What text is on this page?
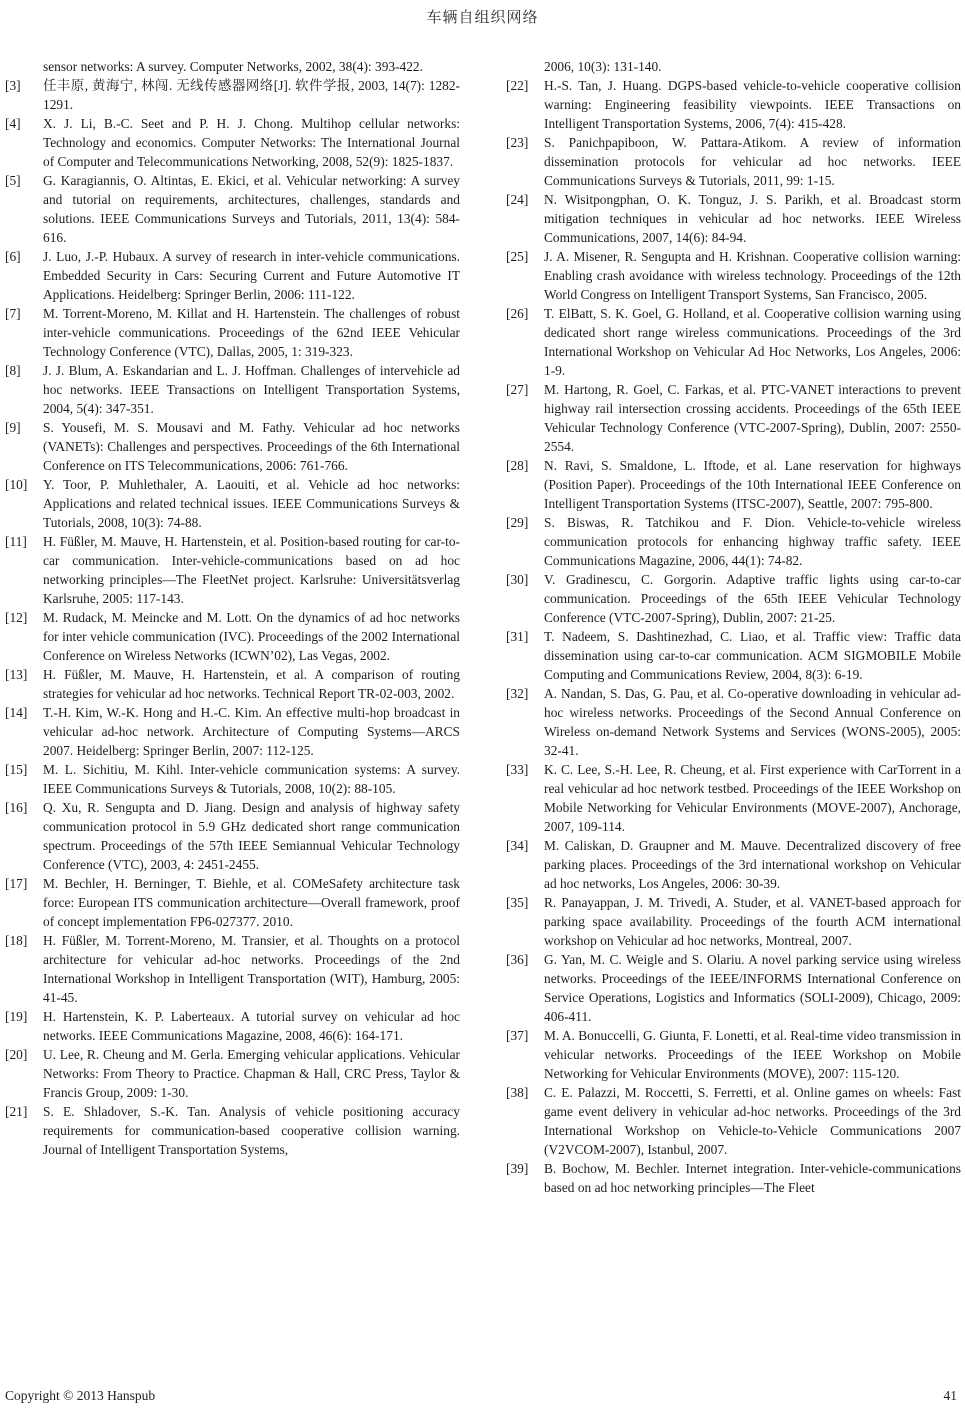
车辆自组织网络
sensor networks: A survey. Computer Networks, 2002, 38(4): 393-422.
[3]	任丰原, 黄海宁, 林闯. 无线传感器网络[J]. 软件学报, 2003, 14(7): 1282-1291.
[4]	X. J. Li, B.-C. Seet and P. H. J. Chong. Multihop cellular networks: Technology and economics. Computer Networks: The International Journal of Computer and Telecommunications Networking, 2008, 52(9): 1825-1837.
[5]	G. Karagiannis, O. Altintas, E. Ekici, et al. Vehicular networking: A survey and tutorial on requirements, architectures, challenges, standards and solutions. IEEE Communications Surveys and Tutorials, 2011, 13(4): 584-616.
[6]	J. Luo, J.-P. Hubaux. A survey of research in inter-vehicle communications. Embedded Security in Cars: Securing Current and Future Automotive IT Applications. Heidelberg: Springer Berlin, 2006: 111-122.
[7]	M. Torrent-Moreno, M. Killat and H. Hartenstein. The challenges of robust inter-vehicle communications. Proceedings of the 62nd IEEE Vehicular Technology Conference (VTC), Dallas, 2005, 1: 319-323.
[8]	J. J. Blum, A. Eskandarian and L. J. Hoffman. Challenges of intervehicle ad hoc networks. IEEE Transactions on Intelligent Transportation Systems, 2004, 5(4): 347-351.
[9]	S. Yousefi, M. S. Mousavi and M. Fathy. Vehicular ad hoc networks (VANETs): Challenges and perspectives. Proceedings of the 6th International Conference on ITS Telecommunications, 2006: 761-766.
[10]	Y. Toor, P. Muhlethaler, A. Laouiti, et al. Vehicle ad hoc networks: Applications and related technical issues. IEEE Communications Surveys & Tutorials, 2008, 10(3): 74-88.
[11]	H. Füßler, M. Mauve, H. Hartenstein, et al. Position-based routing for car-to-car communication. Inter-vehicle-communications based on ad hoc networking principles—The FleetNet project. Karlsruhe: Universitätsverlag Karlsruhe, 2005: 117-143.
[12]	M. Rudack, M. Meincke and M. Lott. On the dynamics of ad hoc networks for inter vehicle communication (IVC). Proceedings of the 2002 International Conference on Wireless Networks (ICWN’02), Las Vegas, 2002.
[13]	H. Füßler, M. Mauve, H. Hartenstein, et al. A comparison of routing strategies for vehicular ad hoc networks. Technical Report TR-02-003, 2002.
[14]	T.-H. Kim, W.-K. Hong and H.-C. Kim. An effective multi-hop broadcast in vehicular ad-hoc network. Architecture of Computing Systems—ARCS 2007. Heidelberg: Springer Berlin, 2007: 112-125.
[15]	M. L. Sichitiu, M. Kihl. Inter-vehicle communication systems: A survey. IEEE Communications Surveys & Tutorials, 2008, 10(2): 88-105.
[16]	Q. Xu, R. Sengupta and D. Jiang. Design and analysis of highway safety communication protocol in 5.9 GHz dedicated short range communication spectrum. Proceedings of the 57th IEEE Semiannual Vehicular Technology Conference (VTC), 2003, 4: 2451-2455.
[17]	M. Bechler, H. Berninger, T. Biehle, et al. COMeSafety architecture task force: European ITS communication architecture—Overall framework, proof of concept implementation FP6-027377. 2010.
[18]	H. Füßler, M. Torrent-Moreno, M. Transier, et al. Thoughts on a protocol architecture for vehicular ad-hoc networks. Proceedings of the 2nd International Workshop in Intelligent Transportation (WIT), Hamburg, 2005: 41-45.
[19]	H. Hartenstein, K. P. Laberteaux. A tutorial survey on vehicular ad hoc networks. IEEE Communications Magazine, 2008, 46(6): 164-171.
[20]	U. Lee, R. Cheung and M. Gerla. Emerging vehicular applications. Vehicular Networks: From Theory to Practice. Chapman & Hall, CRC Press, Taylor & Francis Group, 2009: 1-30.
[21]	S. E. Shladover, S.-K. Tan. Analysis of vehicle positioning accuracy requirements for communication-based cooperative collision warning. Journal of Intelligent Transportation Systems,
2006, 10(3): 131-140.
[22]	H.-S. Tan, J. Huang. DGPS-based vehicle-to-vehicle cooperative collision warning: Engineering feasibility viewpoints. IEEE Transactions on Intelligent Transportation Systems, 2006, 7(4): 415-428.
[23]	S. Panichpapiboon, W. Pattara-Atikom. A review of information dissemination protocols for vehicular ad hoc networks. IEEE Communications Surveys & Tutorials, 2011, 99: 1-15.
[24]	N. Wisitpongphan, O. K. Tonguz, J. S. Parikh, et al. Broadcast storm mitigation techniques in vehicular ad hoc networks. IEEE Wireless Communications, 2007, 14(6): 84-94.
[25]	J. A. Misener, R. Sengupta and H. Krishnan. Cooperative collision warning: Enabling crash avoidance with wireless technology. Proceedings of the 12th World Congress on Intelligent Transport Systems, San Francisco, 2005.
[26]	T. ElBatt, S. K. Goel, G. Holland, et al. Cooperative collision warning using dedicated short range wireless communications. Proceedings of the 3rd International Workshop on Vehicular Ad Hoc Networks, Los Angeles, 2006: 1-9.
[27]	M. Hartong, R. Goel, C. Farkas, et al. PTC-VANET interactions to prevent highway rail intersection crossing accidents. Proceedings of the 65th IEEE Vehicular Technology Conference (VTC-2007-Spring), Dublin, 2007: 2550-2554.
[28]	N. Ravi, S. Smaldone, L. Iftode, et al. Lane reservation for highways (Position Paper). Proceedings of the 10th International IEEE Conference on Intelligent Transportation Systems (ITSC-2007), Seattle, 2007: 795-800.
[29]	S. Biswas, R. Tatchikou and F. Dion. Vehicle-to-vehicle wireless communication protocols for enhancing highway traffic safety. IEEE Communications Magazine, 2006, 44(1): 74-82.
[30]	V. Gradinescu, C. Gorgorin. Adaptive traffic lights using car-to-car communication. Proceedings of the 65th IEEE Vehicular Technology Conference (VTC-2007-Spring), Dublin, 2007: 21-25.
[31]	T. Nadeem, S. Dashtinezhad, C. Liao, et al. Traffic view: Traffic data dissemination using car-to-car communication. ACM SIGMOBILE Mobile Computing and Communications Review, 2004, 8(3): 6-19.
[32]	A. Nandan, S. Das, G. Pau, et al. Co-operative downloading in vehicular ad-hoc wireless networks. Proceedings of the Second Annual Conference on Wireless on-demand Network Systems and Services (WONS-2005), 2005: 32-41.
[33]	K. C. Lee, S.-H. Lee, R. Cheung, et al. First experience with CarTorrent in a real vehicular ad hoc network testbed. Proceedings of the IEEE Workshop on Mobile Networking for Vehicular Environments (MOVE-2007), Anchorage, 2007, 109-114.
[34]	M. Caliskan, D. Graupner and M. Mauve. Decentralized discovery of free parking places. Proceedings of the 3rd international workshop on Vehicular ad hoc networks, Los Angeles, 2006: 30-39.
[35]	R. Panayappan, J. M. Trivedi, A. Studer, et al. VANET-based approach for parking space availability. Proceedings of the fourth ACM international workshop on Vehicular ad hoc networks, Montreal, 2007.
[36]	G. Yan, M. C. Weigle and S. Olariu. A novel parking service using wireless networks. Proceedings of the IEEE/INFORMS International Conference on Service Operations, Logistics and Informatics (SOLI-2009), Chicago, 2009: 406-411.
[37]	M. A. Bonuccelli, G. Giunta, F. Lonetti, et al. Real-time video transmission in vehicular networks. Proceedings of the IEEE Workshop on Mobile Networking for Vehicular Environments (MOVE), 2007: 115-120.
[38]	C. E. Palazzi, M. Roccetti, S. Ferretti, et al. Online games on wheels: Fast game event delivery in vehicular ad-hoc networks. Proceedings of the 3rd International Workshop on Vehicle-to-Vehicle Communications 2007 (V2VCOM-2007), Istanbul, 2007.
[39]	B. Bochow, M. Bechler. Internet integration. Inter-vehicle-communications based on ad hoc networking principles—The Fleet
Copyright © 2013 Hanspub	41
